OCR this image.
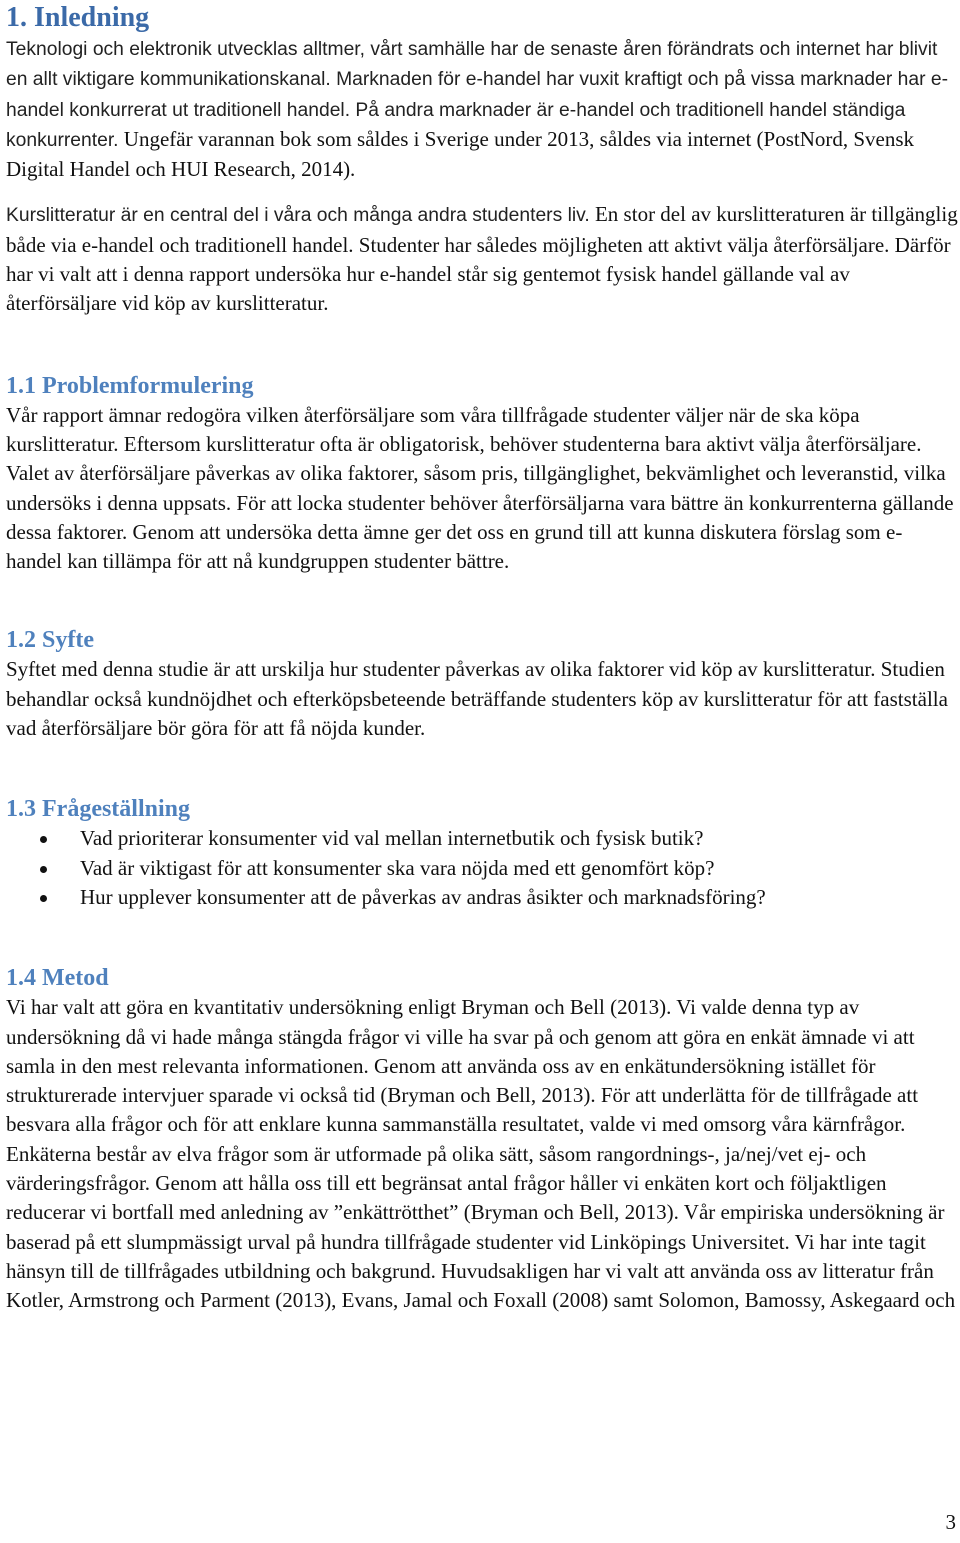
1. Inledning

Teknologi och elektronik utvecklas alltmer, vårt samhälle har de senaste åren förändrats och internet har blivit en allt viktigare kommunikationskanal. Marknaden för e-handel har vuxit kraftigt och på vissa marknader har e-handel konkurrerat ut traditionell handel. På andra marknader är e-handel och traditionell handel ständiga konkurrenter. Ungefär varannan bok som såldes i Sverige under 2013, såldes via internet (PostNord, Svensk Digital Handel och HUI Research, 2014).

Kurslitteratur är en central del i våra och många andra studenters liv. En stor del av kurslitteraturen är tillgänglig både via e-handel och traditionell handel. Studenter har således möjligheten att aktivt välja återförsäljare. Därför har vi valt att i denna rapport undersöka hur e-handel står sig gentemot fysisk handel gällande val av återförsäljare vid köp av kurslitteratur.

1.1 Problemformulering

Vår rapport ämnar redogöra vilken återförsäljare som våra tillfrågade studenter väljer när de ska köpa kurslitteratur. Eftersom kurslitteratur ofta är obligatorisk, behöver studenterna bara aktivt välja återförsäljare. Valet av återförsäljare påverkas av olika faktorer, såsom pris, tillgänglighet, bekvämlighet och leveranstid, vilka undersöks i denna uppsats. För att locka studenter behöver återförsäljarna vara bättre än konkurrenterna gällande dessa faktorer. Genom att undersöka detta ämne ger det oss en grund till att kunna diskutera förslag som e-handel kan tillämpa för att nå kundgruppen studenter bättre.

1.2 Syfte

Syftet med denna studie är att urskilja hur studenter påverkas av olika faktorer vid köp av kurslitteratur. Studien behandlar också kundnöjdhet och efterköpsbeteende beträffande studenters köp av kurslitteratur för att fastställa vad återförsäljare bör göra för att få nöjda kunder.

1.3 Frågeställning
Vad prioriterar konsumenter vid val mellan internetbutik och fysisk butik?
Vad är viktigast för att konsumenter ska vara nöjda med ett genomfört köp?
Hur upplever konsumenter att de påverkas av andras åsikter och marknadsföring?
1.4 Metod

Vi har valt att göra en kvantitativ undersökning enligt Bryman och Bell (2013). Vi valde denna typ av undersökning då vi hade många stängda frågor vi ville ha svar på och genom att göra en enkät ämnade vi att samla in den mest relevanta informationen. Genom att använda oss av en enkätundersökning istället för strukturerade intervjuer sparade vi också tid (Bryman och Bell, 2013). För att underlätta för de tillfrågade att besvara alla frågor och för att enklare kunna sammanställa resultatet, valde vi med omsorg våra kärnfrågor. Enkäterna består av elva frågor som är utformade på olika sätt, såsom rangordnings-, ja/nej/vet ej- och värderingsfrågor. Genom att hålla oss till ett begränsat antal frågor håller vi enkäten kort och följaktligen reducerar vi bortfall med anledning av ”enkättrötthet” (Bryman och Bell, 2013). Vår empiriska undersökning är baserad på ett slumpmässigt urval på hundra tillfrågade studenter vid Linköpings Universitet. Vi har inte tagit hänsyn till de tillfrågades utbildning och bakgrund. Huvudsakligen har vi valt att använda oss av litteratur från Kotler, Armstrong och Parment (2013), Evans, Jamal och Foxall (2008) samt Solomon, Bamossy, Askegaard och

3
